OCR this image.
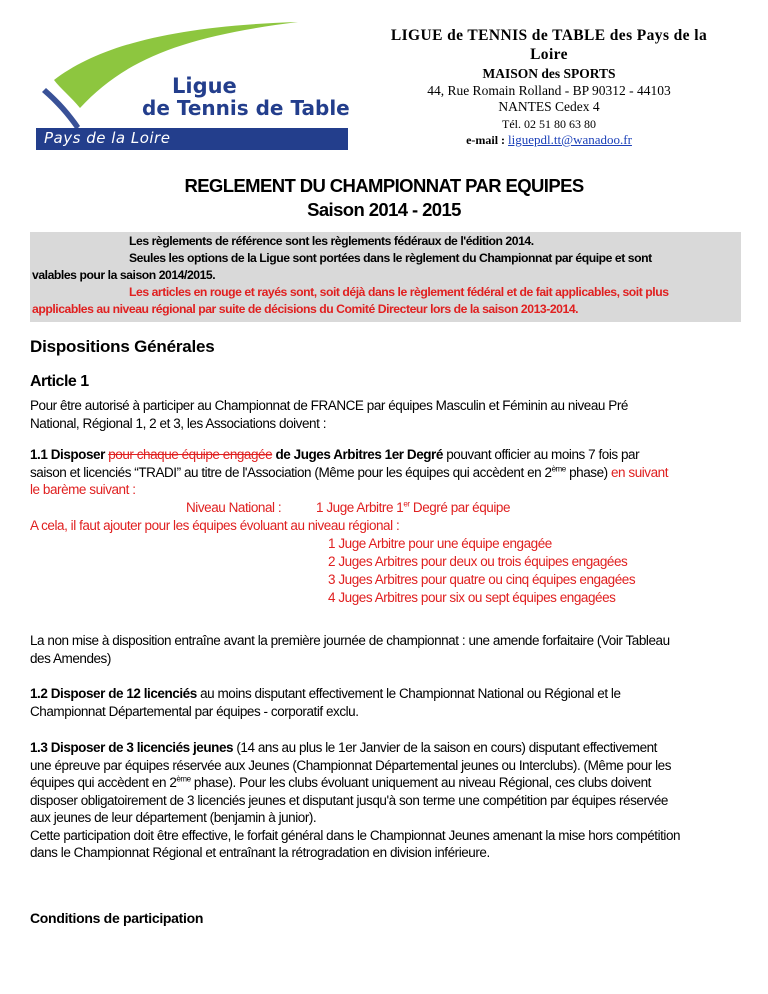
Ligue
de Tennis de Table
Pays de la Loire
LIGUE de TENNIS de TABLE des Pays de la Loire
MAISON des SPORTS
44, Rue Romain Rolland - BP 90312 - 44103
NANTES Cedex 4
Tél. 02 51 80 63 80
e-mail : liguepdl.tt@wanadoo.fr
REGLEMENT DU CHAMPIONNAT PAR EQUIPES
Saison 2014 - 2015

Les règlements de référence sont les règlements fédéraux de l'édition 2014.

Seules les options de la Ligue sont portées dans le règlement du Championnat par équipe et sont

valables pour la saison 2014/2015.

Les articles en rouge et rayés sont, soit déjà dans le règlement fédéral et de fait applicables, soit plus

applicables au niveau régional par suite de décisions du Comité Directeur lors de la saison 2013-2014.

Dispositions Générales
Article 1
Pour être autorisé à participer au Championnat de FRANCE par équipes Masculin et Féminin au niveau Pré
National, Régional 1, 2 et 3, les Associations doivent :
1.1 Disposer pour chaque équipe engagée de Juges Arbitres 1er Degré pouvant officier au moins 7 fois par
saison et licenciés “TRADI” au titre de l'Association (Même pour les équipes qui accèdent en 2ème phase) en suivant
le barème suivant :
Niveau National :	1 Juge Arbitre 1er Degré par équipe
A cela, il faut ajouter pour les équipes évoluant au niveau régional :
1 Juge Arbitre pour une équipe engagée
2 Juges Arbitres pour deux ou trois équipes engagées
3 Juges Arbitres pour quatre ou cinq équipes engagées
4 Juges Arbitres pour six ou sept équipes engagées
La non mise à disposition entraîne avant la première journée de championnat : une amende forfaitaire (Voir Tableau
des Amendes)
1.2 Disposer de 12 licenciés au moins disputant effectivement le Championnat National ou Régional et le
Championnat Départemental par équipes - corporatif exclu.
1.3 Disposer de 3 licenciés jeunes (14 ans au plus le 1er Janvier de la saison en cours) disputant effectivement
une épreuve par équipes réservée aux Jeunes (Championnat Départemental jeunes ou Interclubs). (Même pour les
équipes qui accèdent en 2ème phase). Pour les clubs évoluant uniquement au niveau Régional, ces clubs doivent
disposer obligatoirement de 3 licenciés jeunes et disputant jusqu'à son terme une compétition par équipes réservée
aux jeunes de leur département (benjamin à junior).
Cette participation doit être effective, le forfait général dans le Championnat Jeunes amenant la mise hors compétition
dans le Championnat Régional et entraînant la rétrogradation en division inférieure.
Conditions de participation
